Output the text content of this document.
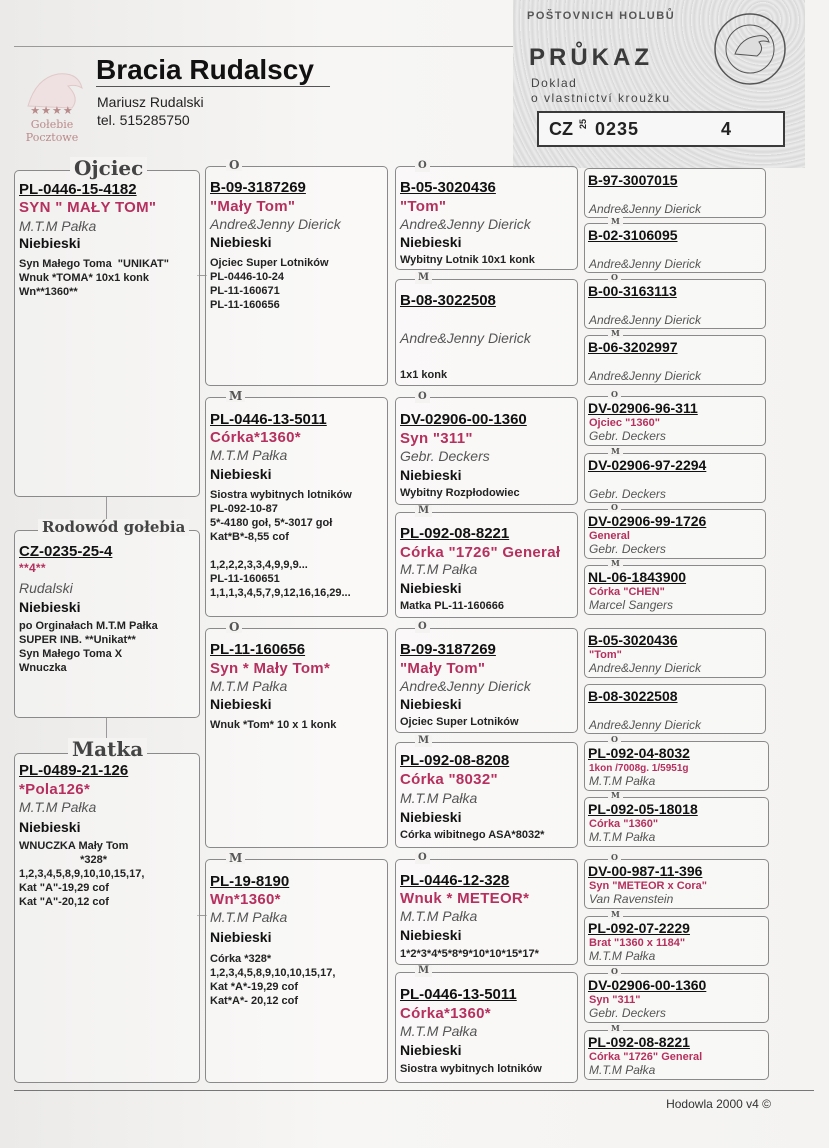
★★★★
Gołebie
Pocztowe
Bracia Rudalscy
Mariusz Rudalski
tel. 515285750
POŠTOVNICH HOLUBŮ
PRŮKAZ
Doklad
o vlastnictví kroužku
CZ 25 0235	4
CZ-0235-25-4
**4**
Rudalski
Niebieski
po Orginałach M.T.M Pałka
SUPER INB. **Unikat**
Syn Małego Toma X
Wnuczka
Rodowód gołebia
PL-0446-15-4182
SYN " MAŁY TOM"
M.T.M Pałka
Niebieski
Syn Małego Toma  "UNIKAT"
Wnuk *TOMA* 10x1 konk
Wn**1360**
Ojciec
PL-0489-21-126
*Pola126*
M.T.M Pałka
Niebieski
WNUCZKA Mały Tom
*328*
1,2,3,4,5,8,9,10,10,15,17,
Kat "A"-19,29 cof
Kat "A"-20,12 cof
Matka
B-09-3187269
"Mały Tom"
Andre&Jenny Dierick
Niebieski
Ojciec Super Lotników
PL-0446-10-24
PL-11-160671
PL-11-160656
O
PL-0446-13-5011
Córka*1360*
M.T.M Pałka
Niebieski
Siostra wybitnych lotników
PL-092-10-87
5*-4180 goł, 5*-3017 goł
Kat*B*-8,55 cof

1,2,2,2,3,3,4,9,9,9...
PL-11-160651
1,1,1,3,4,5,7,9,12,16,16,29...
M
PL-11-160656
Syn * Mały Tom*
M.T.M Pałka
Niebieski
Wnuk *Tom* 10 x 1 konk
O
PL-19-8190
Wn*1360*
M.T.M Pałka
Niebieski
Córka *328*
1,2,3,4,5,8,9,10,10,15,17,
Kat *A*-19,29 cof
Kat*A*- 20,12 cof
M
B-05-3020436
"Tom"
Andre&Jenny Dierick
Niebieski
Wybitny Lotnik 10x1 konk
O
B-08-3022508
Andre&Jenny Dierick
1x1 konk
M
DV-02906-00-1360
Syn "311"
Gebr. Deckers
Niebieski
Wybitny Rozpłodowiec
O
PL-092-08-8221
Córka "1726" Generał
M.T.M Pałka
Niebieski
Matka PL-11-160666
M
B-09-3187269
"Mały Tom"
Andre&Jenny Dierick
Niebieski
Ojciec Super Lotników
O
PL-092-08-8208
Córka "8032"
M.T.M Pałka
Niebieski
Córka wibitnego ASA*8032*
M
PL-0446-12-328
Wnuk * METEOR*
M.T.M Pałka
Niebieski
1*2*3*4*5*8*9*10*10*15*17*
O
PL-0446-13-5011
Córka*1360*
M.T.M Pałka
Niebieski
Siostra wybitnych lotników
M
B-97-3007015
Andre&Jenny Dierick
B-02-3106095
Andre&Jenny Dierick
M
B-00-3163113
Andre&Jenny Dierick
O
B-06-3202997
Andre&Jenny Dierick
M
DV-02906-96-311
Ojciec "1360"
Gebr. Deckers
O
DV-02906-97-2294
Gebr. Deckers
M
DV-02906-99-1726
General
Gebr. Deckers
O
NL-06-1843900
Córka "CHEN"
Marcel Sangers
M
B-05-3020436
"Tom"
Andre&Jenny Dierick
B-08-3022508
Andre&Jenny Dierick
PL-092-04-8032
1kon /7008g. 1/5951g
M.T.M Pałka
O
PL-092-05-18018
Córka "1360"
M.T.M Pałka
M
DV-00-987-11-396
Syn "METEOR x Cora"
Van Ravenstein
O
PL-092-07-2229
Brat "1360 x 1184"
M.T.M Pałka
M
DV-02906-00-1360
Syn "311"
Gebr. Deckers
O
PL-092-08-8221
Córka "1726" General
M.T.M Pałka
M
Hodowla 2000 v4 ©
